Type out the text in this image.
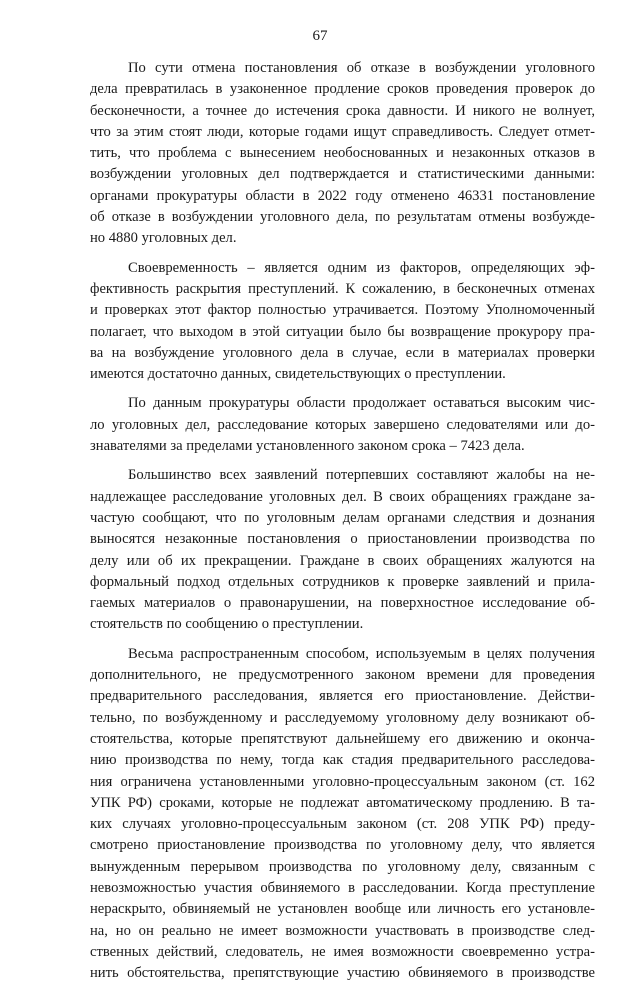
67
По сути отмена постановления об отказе в возбуждении уголовного
дела превратилась в узаконенное продление сроков проведения проверок до
бесконечности, а точнее до истечения срока давности. И никого не волнует,
что за этим стоят люди, которые годами ищут справедливость. Следует отмет-
тить, что проблема с вынесением необоснованных и незаконных отказов в
возбуждении уголовных дел подтверждается и статистическими данными:
органами прокуратуры области в 2022 году отменено 46331 постановление
об отказе в возбуждении уголовного дела, по результатам отмены возбужде-
но 4880 уголовных дел.
Своевременность – является одним из факторов, определяющих эф-
фективность раскрытия преступлений. К сожалению, в бесконечных отменах
и проверках этот фактор полностью утрачивается. Поэтому Уполномоченный
полагает, что выходом в этой ситуации было бы возвращение прокурору пра-
ва на возбуждение уголовного дела в случае, если в материалах проверки
имеются достаточно данных, свидетельствующих о преступлении.
По данным прокуратуры области продолжает оставаться высоким чис-
ло уголовных дел, расследование которых завершено следователями или до-
знавателями за пределами установленного законом срока – 7423 дела.
Большинство всех заявлений потерпевших составляют жалобы на не-
надлежащее расследование уголовных дел. В своих обращениях граждане за-
частую сообщают, что по уголовным делам органами следствия и дознания
выносятся незаконные постановления о приостановлении производства по
делу или об их прекращении. Граждане в своих обращениях жалуются на
формальный подход отдельных сотрудников к проверке заявлений и прила-
гаемых материалов о правонарушении, на поверхностное исследование об-
стоятельств по сообщению о преступлении.
Весьма распространенным способом, используемым в целях получения
дополнительного, не предусмотренного законом времени для проведения
предварительного расследования, является его приостановление. Действи-
тельно, по возбужденному и расследуемому уголовному делу возникают об-
стоятельства, которые препятствуют дальнейшему его движению и оконча-
нию производства по нему, тогда как стадия предварительного расследова-
ния ограничена установленными уголовно-процессуальным законом (ст. 162
УПК РФ) сроками, которые не подлежат автоматическому продлению. В та-
ких случаях уголовно-процессуальным законом (ст. 208 УПК РФ) преду-
смотрено приостановление производства по уголовному делу, что является
вынужденным перерывом производства по уголовному делу, связанным с
невозможностью участия обвиняемого в расследовании. Когда преступление
нераскрыто, обвиняемый не установлен вообще или личность его установле-
на, но он реально не имеет возможности участвовать в производстве след-
ственных действий, следователь, не имея возможности своевременно устра-
нить обстоятельства, препятствующие участию обвиняемого в производстве
